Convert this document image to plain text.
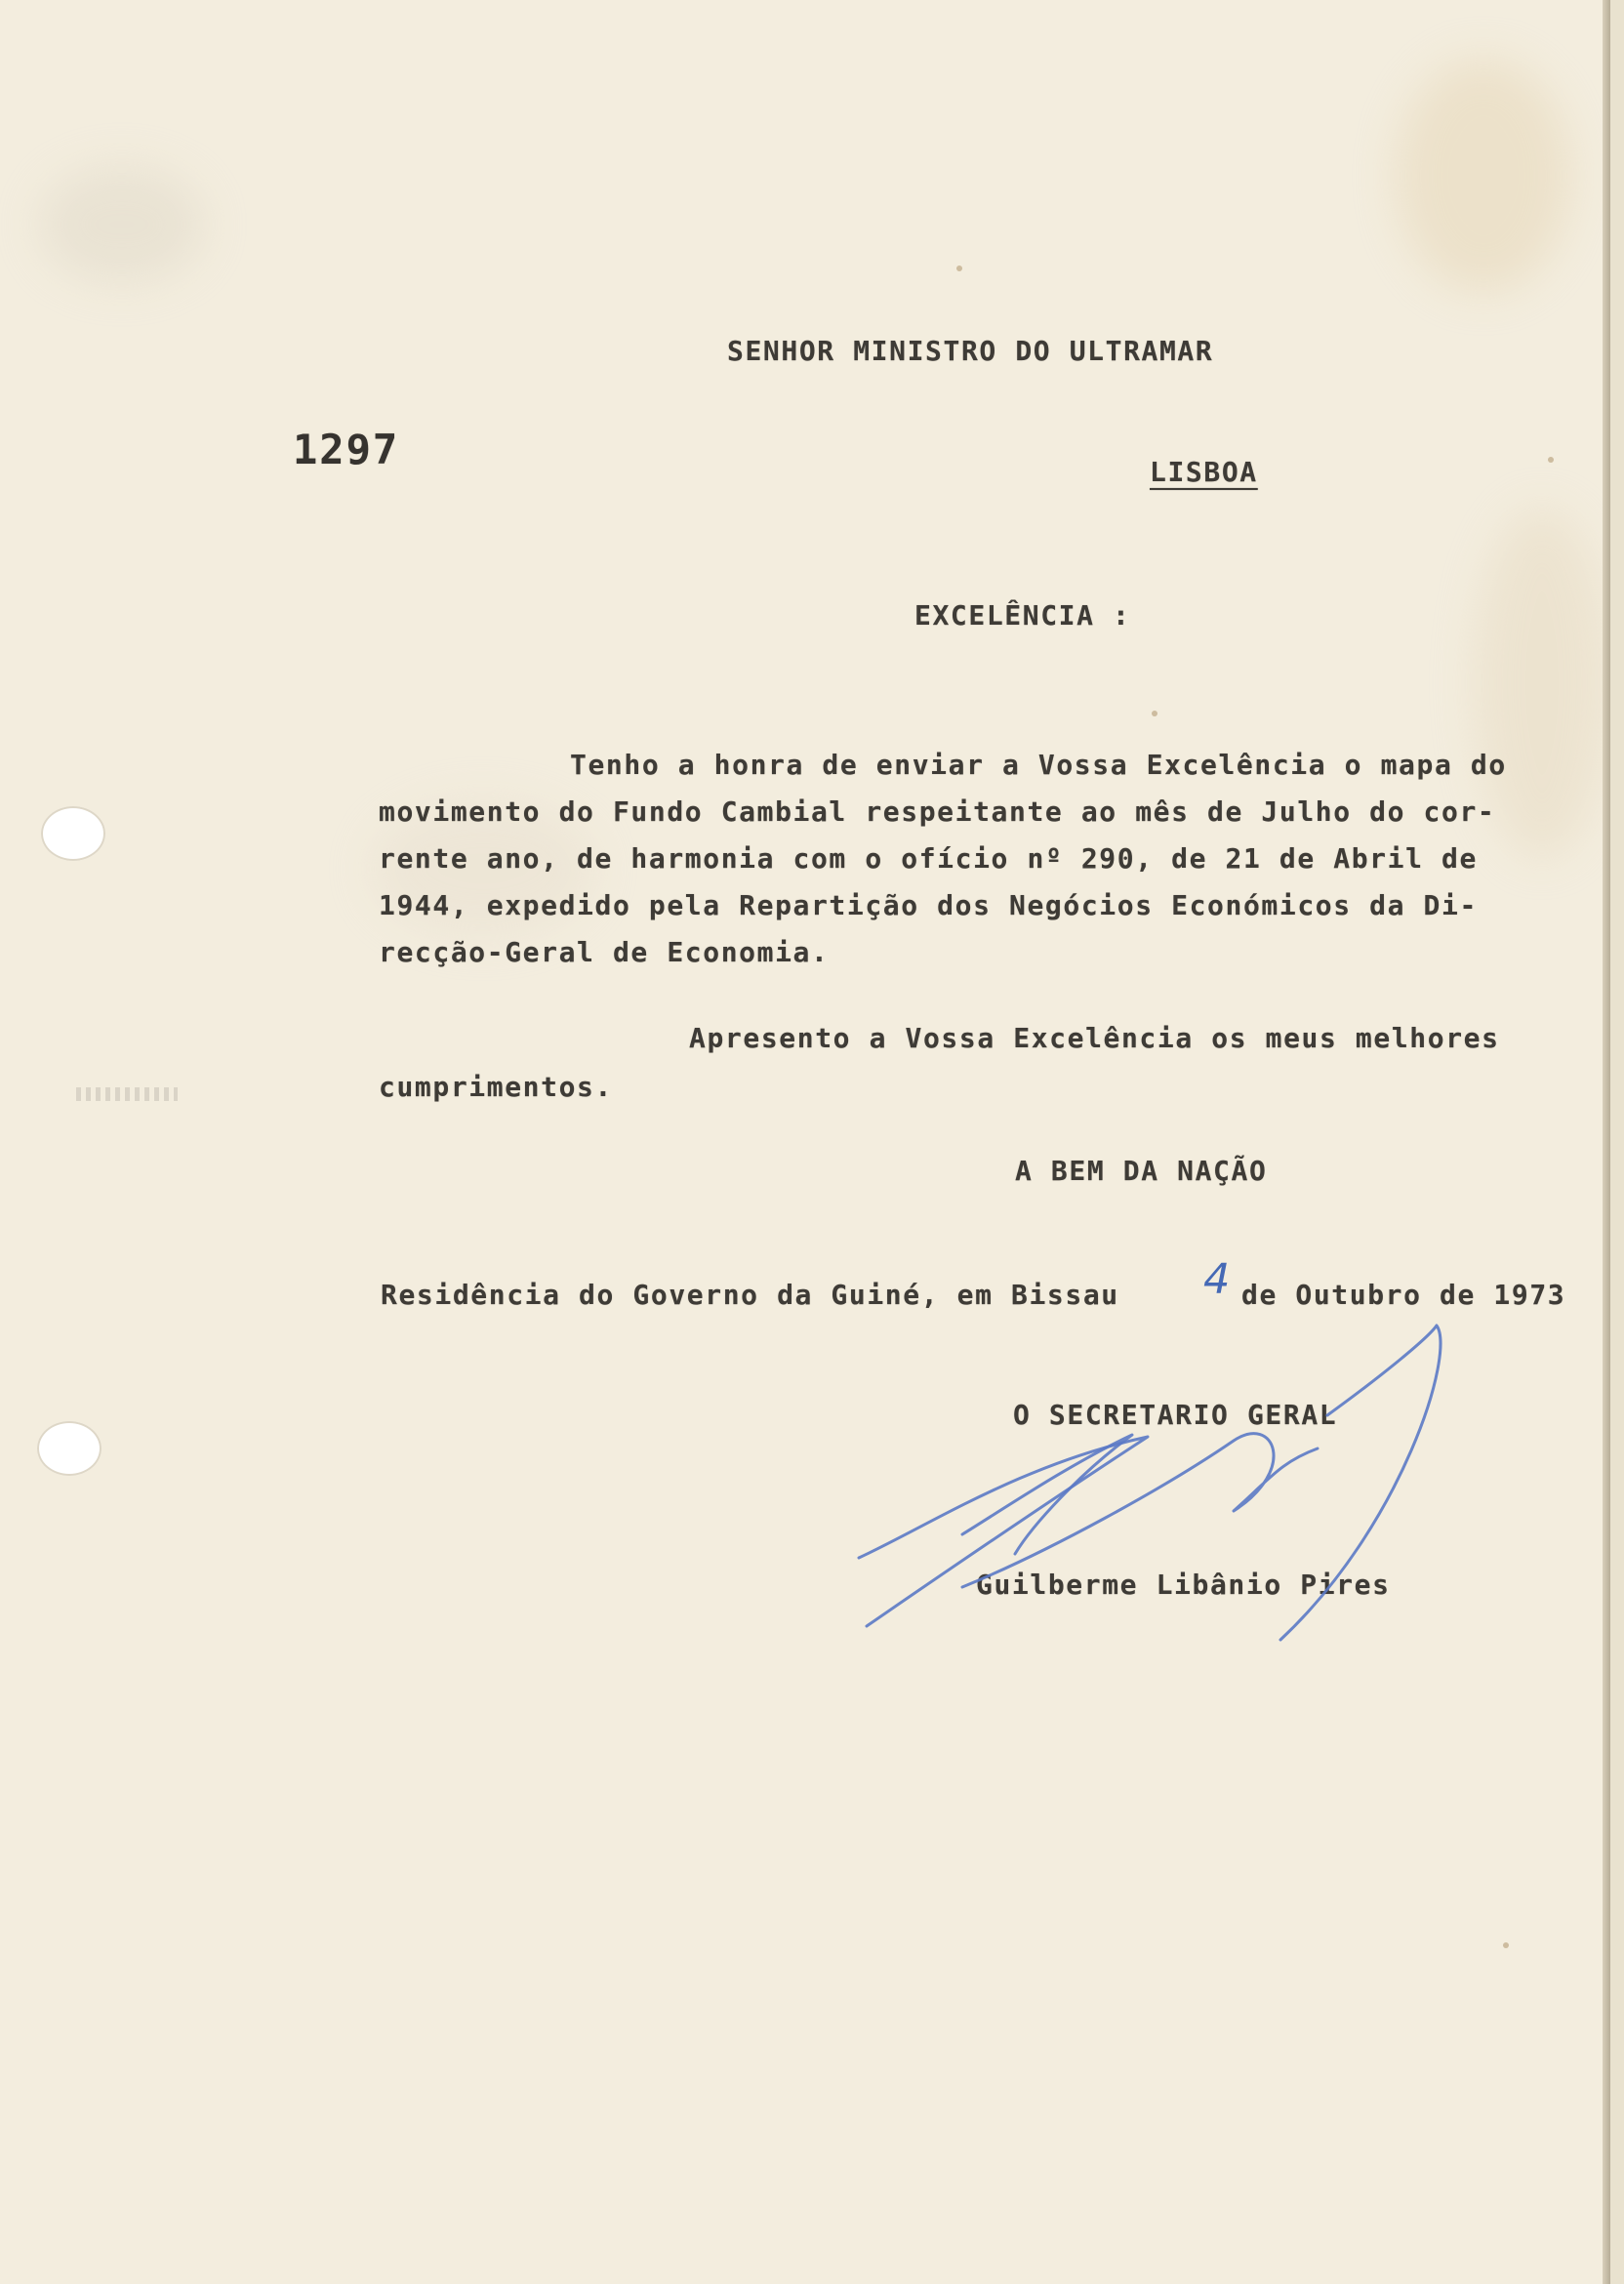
1297
SENHOR MINISTRO DO ULTRAMAR
LISBOA
EXCELÊNCIA :
Tenho a honra de enviar a Vossa Excelência o mapa do
movimento do Fundo Cambial respeitante ao mês de Julho do cor-
rente ano, de harmonia com o ofício nº 290, de 21 de Abril de
1944, expedido pela Repartição dos Negócios Económicos da Di-
recção-Geral de Economia.
Apresento a Vossa Excelência os meus melhores
cumprimentos.
A BEM DA NAÇÃO
Residência do Governo da Guiné, em Bissau 4 de Outubro de 1973
O SECRETARIO GERAL
Guilberme Libânio Pires
